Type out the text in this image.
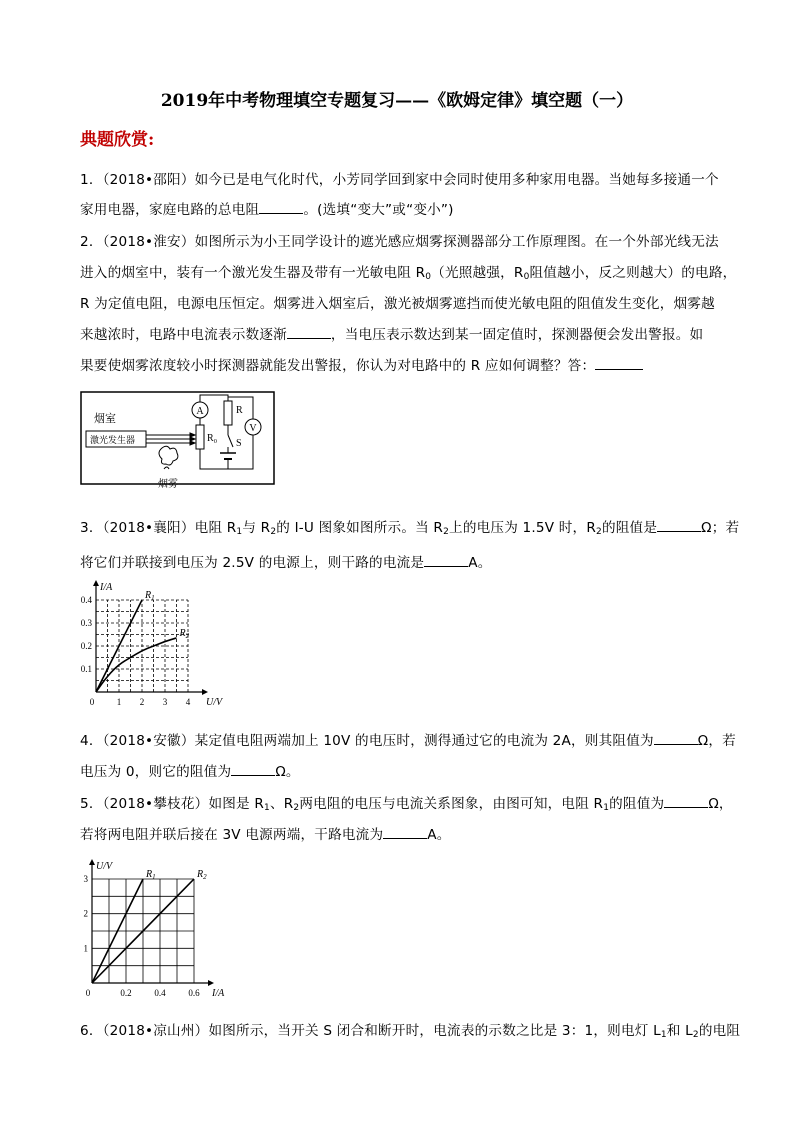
2019年中考物理填空专题复习——《欧姆定律》填空题（一）
典题欣赏:
1．（2018•邵阳）如今已是电气化时代，小芳同学回到家中会同时使用多种家用电器。当她每多接通一个
家用电器，家庭电路的总电阻	。(选填“变大”或“变小”)
2．（2018•淮安）如图所示为小王同学设计的遮光感应烟雾探测器部分工作原理图。在一个外部光线无法
进入的烟室中，装有一个激光发生器及带有一光敏电阻 $R_0$（光照越强，$R_0$阻值越小，反之则越大）的电路，
R 为定值电阻，电源电压恒定。烟雾进入烟室后，激光被烟雾遮挡而使光敏电阻的阻值发生变化，烟雾越
来越浓时，电路中电流表示数逐渐	，当电压表示数达到某一固定值时，探测器便会发出警报。如
果要使烟雾浓度较小时探测器就能发出警报，你认为对电路中的 R 应如何调整？答：
烟室
激光发生器
A
R₀
R
S
V
烟雾
3．（2018•襄阳）电阻 $R_1$与 $R_2$的 I-U 图象如图所示。当 $R_2$上的电压为 1.5V 时，$R_2$的阻值是	Ω；若
将它们并联接到电压为 2.5V 的电源上，则干路的电流是	A。
U/V
I/A
0	1 2 3 4
0.1
0.2
0.3
0.4	$R_1$
$R_2$
4．（2018•安徽）某定值电阻两端加上 10V 的电压时，测得通过它的电流为 2A，则其阻值为	Ω，若
电压为 0，则它的阻值为	Ω。
5．（2018•攀枝花）如图是 $R_1$、$R_2$两电阻的电压与电流关系图象，由图可知，电阻 $R_1$的阻值为	Ω，
若将两电阻并联后接在 3V 电源两端，干路电流为	A。
I/A
U/V
0	0.2	0.4	0.6
1
2
3	$R_1$	$R_2$
6．（2018•凉山州）如图所示，当开关 S 闭合和断开时，电流表的示数之比是 3：1，则电灯 $L_1$和 $L_2$的电阻
